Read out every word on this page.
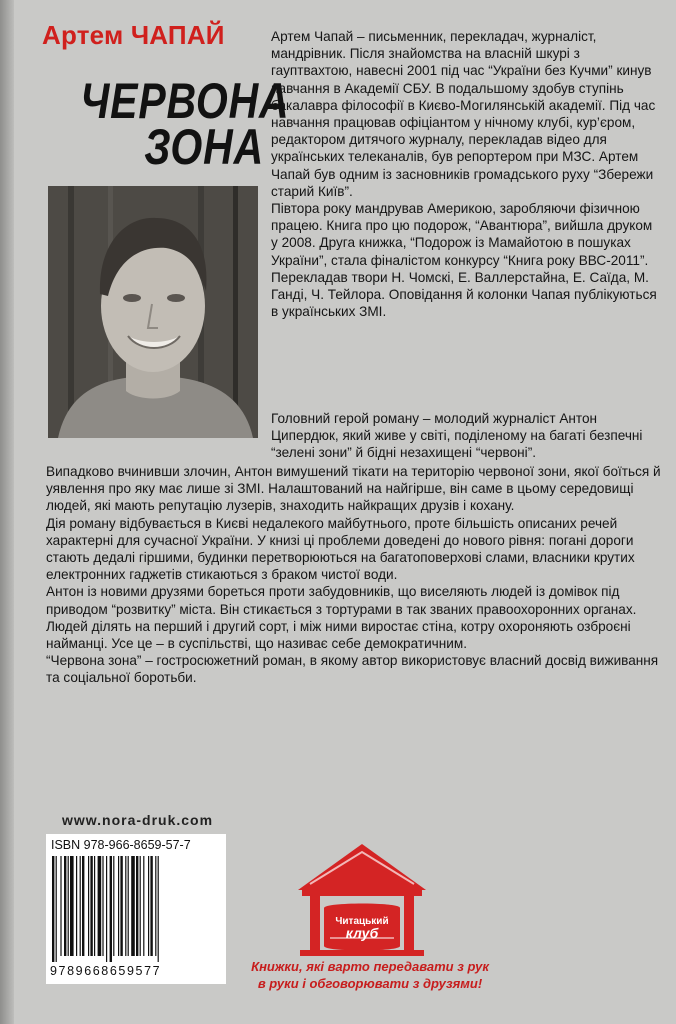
Артем ЧАПАЙ
ЧЕРВОНА
ЗОНА

Артем Чапай – письменник, перекладач, журналіст, мандрівник. Після знайомства на власній шкурі з гауптвахтою, навесні 2001 під час “України без Кучми” кинув навчання в Академії СБУ. В подальшому здобув ступінь бакалавра філософії в Києво-Могилянській академії. Під час навчання працював офіціантом у нічному клубі, кур’єром, редактором дитячого журналу, перекладав відео для українських телеканалів, був репортером при МЗС. Артем Чапай був одним із засновників громадського руху “Збережи старий Київ”.

Півтора року мандрував Америкою, заробляючи фізичною працею. Книга про цю подорож, “Авантюра”, вийшла друком у 2008. Друга книжка, “Подорож із Мамайотою в пошуках України”, стала фіналістом конкурсу “Книга року ВВС-2011”. Перекладав твори Н. Чомскі, Е. Валлерстайна, Е. Саїда, М. Ганді, Ч. Тейлора. Оповідання й колонки Чапая публікуються в українських ЗМІ.

Головний герой роману – молодий журналіст Антон Ципердюк, який живе у світі, поділеному на багаті безпечні “зелені зони” й бідні незахищені “червоні”.

Випадково вчинивши злочин, Антон вимушений тікати на територію червоної зони, якої боїться й уявлення про яку має лише зі ЗМІ. Налаштований на найгірше, він саме в цьому середовищі людей, які мають репутацію лузерів, знаходить найкращих друзів і кохану.

Дія роману відбувається в Києві недалекого майбутнього, проте більшість описаних речей характерні для сучасної України. У книзі ці проблеми доведені до нового рівня: погані дороги стають дедалі гіршими, будинки перетворюються на багатоповерхові слами, власники крутих електронних гаджетів стикаються з браком чистої води.

Антон із новими друзями бореться проти забудовників, що виселяють людей із домівок під приводом “розвитку” міста. Він стикається з тортурами в так званих правоохоронних органах. Людей ділять на перший і другий сорт, і між ними виростає стіна, котру охороняють озброєні найманці. Усе це – в суспільстві, що називає себе демократичним.

“Червона зона” – гостросюжетний роман, в якому автор використовує власний досвід виживання та соціальної боротьби.

www.nora-druk.com
ISBN 978-966-8659-57-7
9789668659577
Читацький
клуб
Книжки, які варто передавати з рук
в руки і обговорювати з друзями!
